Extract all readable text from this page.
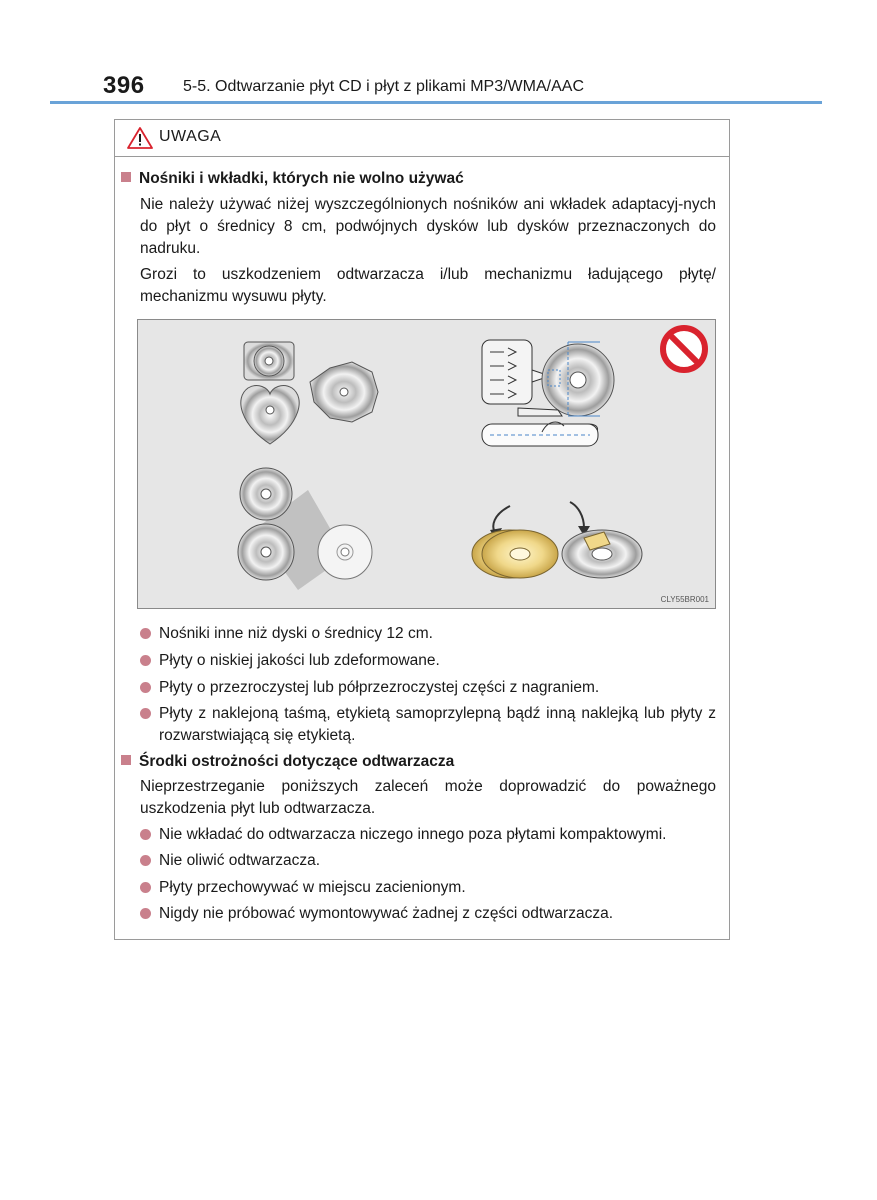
396 5-5. Odtwarzanie płyt CD i płyt z plikami MP3/WMA/AAC
UWAGA
Nośniki i wkładki, których nie wolno używać
Nie należy używać niżej wyszczególnionych nośników ani wkładek adaptacyj-nych do płyt o średnicy 8 cm, podwójnych dysków lub dysków przeznaczonych do nadruku.
Grozi to uszkodzeniem odtwarzacza i/lub mechanizmu ładującego płytę/ mechanizmu wysuwu płyty.
CLY55BR001
Nośniki inne niż dyski o średnicy 12 cm.
Płyty o niskiej jakości lub zdeformowane.
Płyty o przezroczystej lub półprzezroczystej części z nagraniem.
Płyty z naklejoną taśmą, etykietą samoprzylepną bądź inną naklejką lub płyty z rozwarstwiającą się etykietą.
Środki ostrożności dotyczące odtwarzacza
Nieprzestrzeganie poniższych zaleceń może doprowadzić do poważnego uszkodzenia płyt lub odtwarzacza.
Nie wkładać do odtwarzacza niczego innego poza płytami kompaktowymi.
Nie oliwić odtwarzacza.
Płyty przechowywać w miejscu zacienionym.
Nigdy nie próbować wymontowywać żadnej z części odtwarzacza.
